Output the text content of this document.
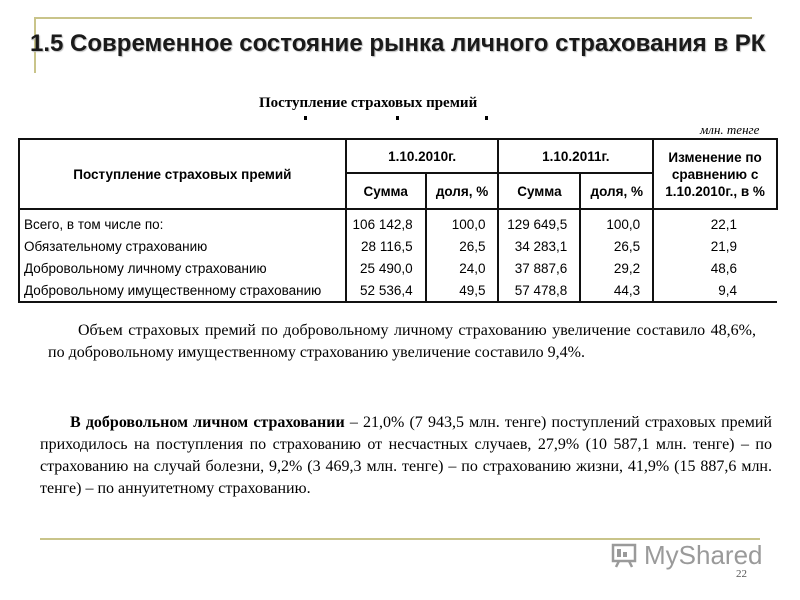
1.5 Современное состояние рынка личного страхования в РК
Поступление страховых премий
млн. тенге
Поступление страховых премий	1.10.2010г.		1.10.2011г.		Изменение по сравнению с 1.10.2010г., в %
	Сумма	доля, %	Сумма	доля, %	
Всего, в том числе по:	106 142,8	100,0	129 649,5	100,0	22,1
Обязательному страхованию	28 116,5	26,5	34 283,1	26,5	21,9
Добровольному личному страхованию	25 490,0	24,0	37 887,6	29,2	48,6
Добровольному имущественному страхованию	52 536,4	49,5	57 478,8	44,3	9,4
Объем страховых премий по добровольному личному страхованию увеличение составило 48,6%, по добровольному имущественному страхованию увеличение составило 9,4%.
В добровольном личном страховании – 21,0% (7 943,5 млн. тенге) поступлений страховых премий приходилось на поступления по страхованию от несчастных случаев, 27,9% (10 587,1 млн. тенге) – по страхованию на случай болезни, 9,2% (3 469,3 млн. тенге) – по страхованию жизни, 41,9% (15 887,6 млн. тенге) – по аннуитетному страхованию.
MyShared
22
